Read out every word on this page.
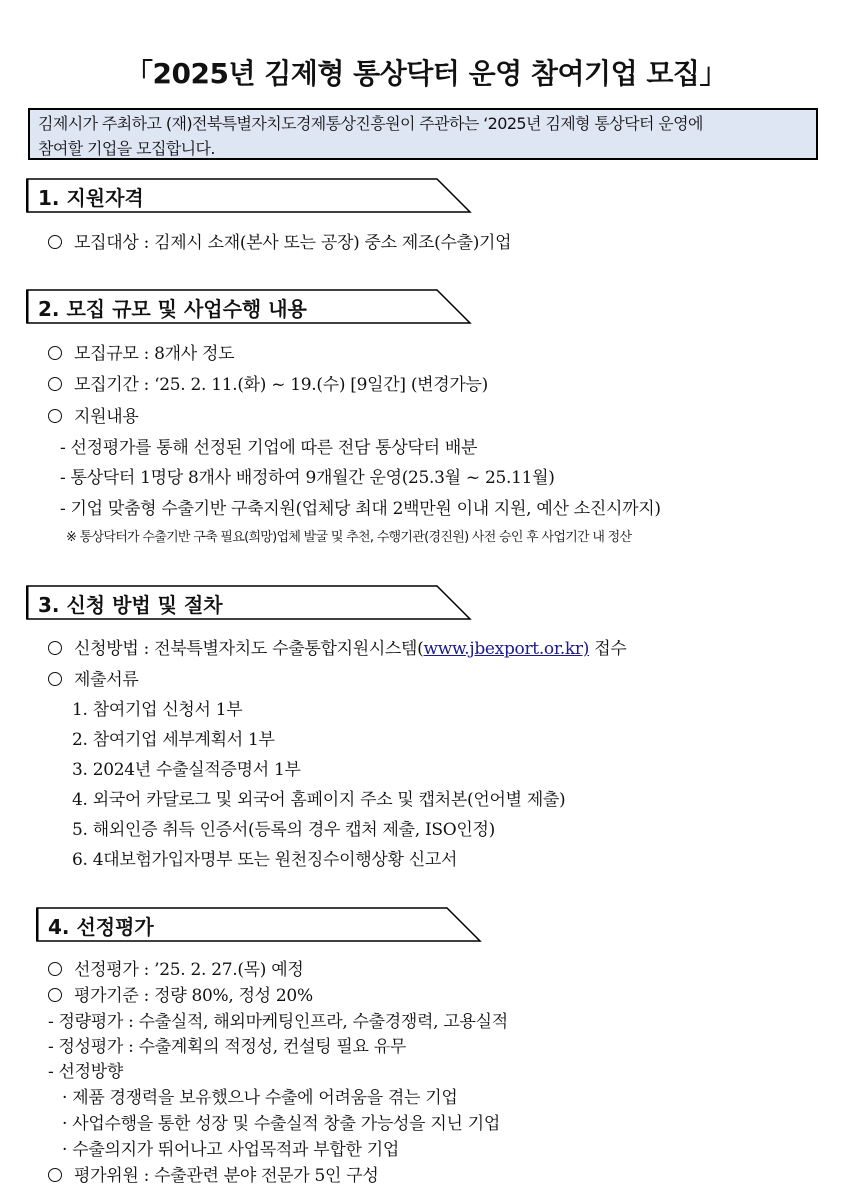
「2025년 김제형 통상닥터 운영 참여기업 모집」
김제시가 주최하고 (재)전북특별자치도경제통상진흥원이 주관하는 ‘2025년 김제형 통상닥터 운영에
참여할 기업을 모집합니다.
1. 지원자격
모집대상 : 김제시 소재(본사 또는 공장) 중소 제조(수출)기업
2. 모집 규모 및 사업수행 내용
모집규모 : 8개사 정도
모집기간 : ‘25. 2. 11.(화) ~ 19.(수) [9일간] (변경가능)
지원내용
- 선정평가를 통해 선정된 기업에 따른 전담 통상닥터 배분
- 통상닥터 1명당 8개사 배정하여 9개월간 운영(25.3월 ~ 25.11월)
- 기업 맞춤형 수출기반 구축지원(업체당 최대 2백만원 이내 지원, 예산 소진시까지)
※ 통상닥터가 수출기반 구축 필요(희망)업체 발굴 및 추천, 수행기관(경진원) 사전 승인 후 사업기간 내 정산
3. 신청 방법 및 절차
신청방법 : 전북특별자치도 수출통합지원시스템(www.jbexport.or.kr) 접수
제출서류
1. 참여기업 신청서 1부
2. 참여기업 세부계획서 1부
3. 2024년 수출실적증명서 1부
4. 외국어 카달로그 및 외국어 홈페이지 주소 및 캡처본(언어별 제출)
5. 해외인증 취득 인증서(등록의 경우 캡처 제출, ISO인정)
6. 4대보험가입자명부 또는 원천징수이행상황 신고서
4. 선정평가
선정평가 : ’25. 2. 27.(목) 예정
평가기준 : 정량 80%, 정성 20%
- 정량평가 : 수출실적, 해외마케팅인프라, 수출경쟁력, 고용실적
- 정성평가 : 수출계획의 적정성, 컨설팅 필요 유무
- 선정방향
· 제품 경쟁력을 보유했으나 수출에 어려움을 겪는 기업
· 사업수행을 통한 성장 및 수출실적 창출 가능성을 지닌 기업
· 수출의지가 뛰어나고 사업목적과 부합한 기업
평가위원 : 수출관련 분야 전문가 5인 구성
